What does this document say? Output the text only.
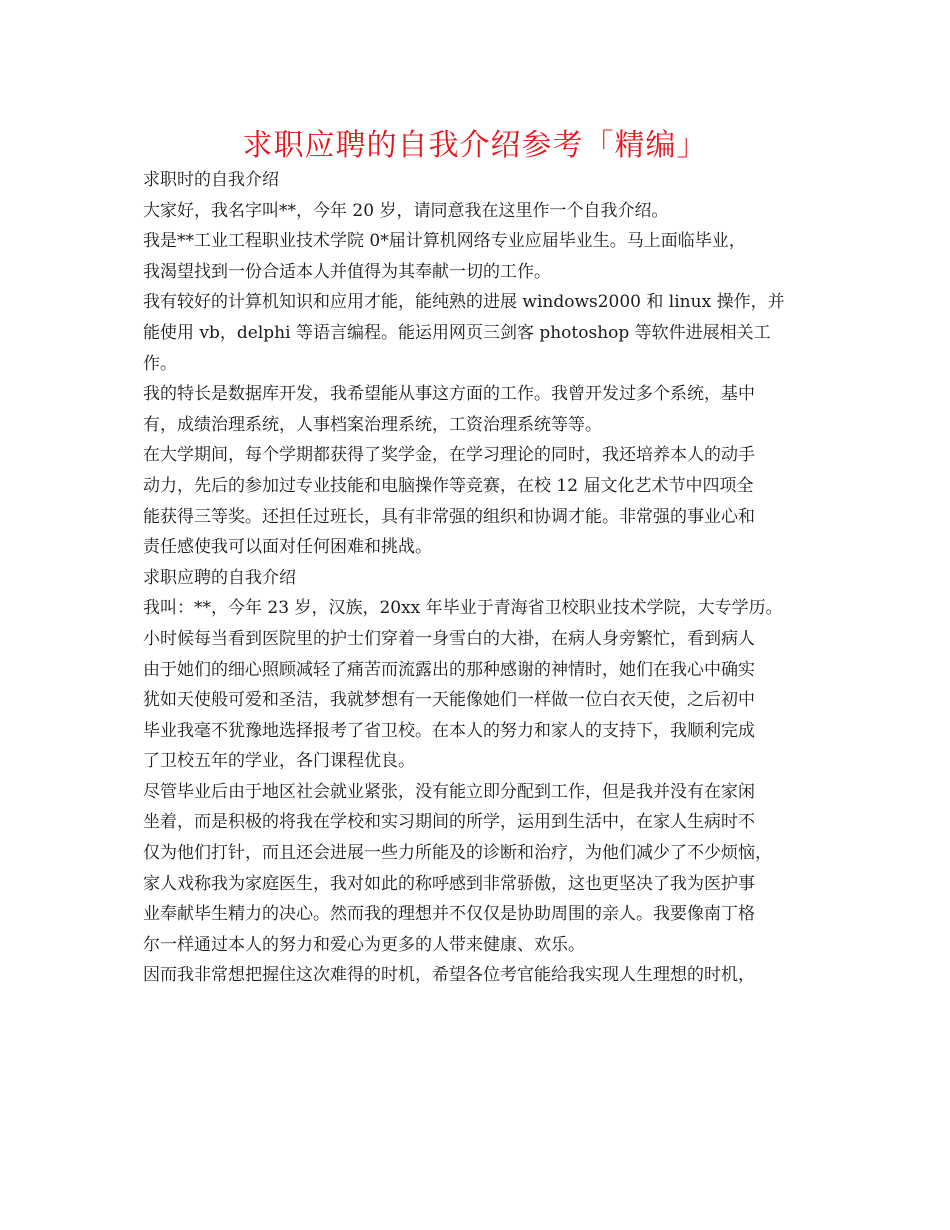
求职应聘的自我介绍参考「精编」
求职时的自我介绍
大家好，我名字叫**，今年 20 岁，请同意我在这里作一个自我介绍。
我是**工业工程职业技术学院 0*届计算机网络专业应届毕业生。马上面临毕业，
我渴望找到一份合适本人并值得为其奉献一切的工作。
我有较好的计算机知识和应用才能，能纯熟的进展 windows2000 和 linux 操作，并
能使用 vb，delphi 等语言编程。能运用网页三剑客 photoshop 等软件进展相关工
作。
我的特长是数据库开发，我希望能从事这方面的工作。我曾开发过多个系统，基中
有，成绩治理系统，人事档案治理系统，工资治理系统等等。
在大学期间，每个学期都获得了奖学金，在学习理论的同时，我还培养本人的动手
动力，先后的参加过专业技能和电脑操作等竞赛，在校 12 届文化艺术节中四项全
能获得三等奖。还担任过班长，具有非常强的组织和协调才能。非常强的事业心和
责任感使我可以面对任何困难和挑战。
求职应聘的自我介绍
我叫：**，今年 23 岁，汉族，20xx 年毕业于青海省卫校职业技术学院，大专学历。
小时候每当看到医院里的护士们穿着一身雪白的大褂，在病人身旁繁忙，看到病人
由于她们的细心照顾减轻了痛苦而流露出的那种感谢的神情时，她们在我心中确实
犹如天使般可爱和圣洁，我就梦想有一天能像她们一样做一位白衣天使，之后初中
毕业我毫不犹豫地选择报考了省卫校。在本人的努力和家人的支持下，我顺利完成
了卫校五年的学业，各门课程优良。
尽管毕业后由于地区社会就业紧张，没有能立即分配到工作，但是我并没有在家闲
坐着，而是积极的将我在学校和实习期间的所学，运用到生活中，在家人生病时不
仅为他们打针，而且还会进展一些力所能及的诊断和治疗，为他们减少了不少烦恼，
家人戏称我为家庭医生，我对如此的称呼感到非常骄傲，这也更坚决了我为医护事
业奉献毕生精力的决心。然而我的理想并不仅仅是协助周围的亲人。我要像南丁格
尔一样通过本人的努力和爱心为更多的人带来健康、欢乐。
因而我非常想把握住这次难得的时机，希望各位考官能给我实现人生理想的时机，
